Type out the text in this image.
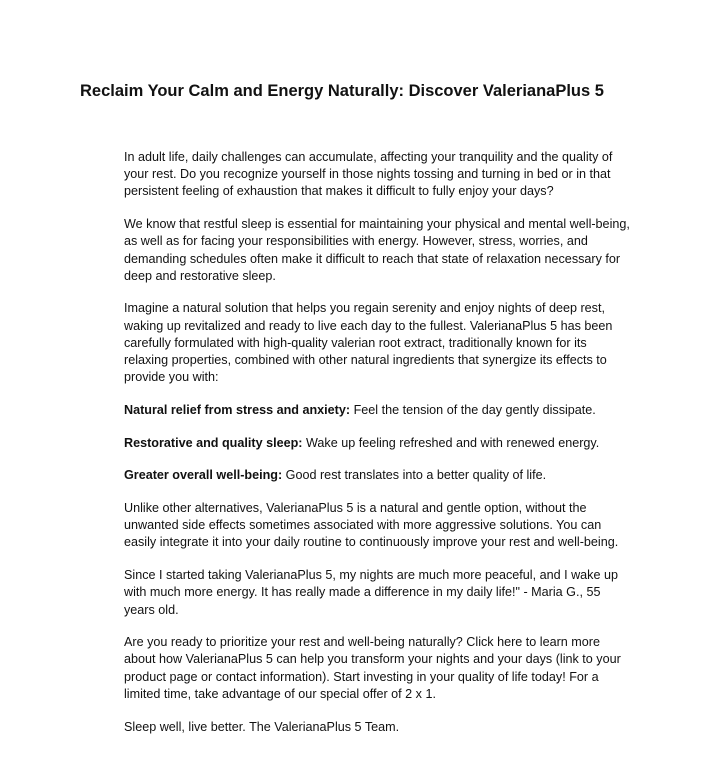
Reclaim Your Calm and Energy Naturally: Discover ValerianaPlus 5

In adult life, daily challenges can accumulate, affecting your tranquility and the quality of your rest. Do you recognize yourself in those nights tossing and turning in bed or in that persistent feeling of exhaustion that makes it difficult to fully enjoy your days?

We know that restful sleep is essential for maintaining your physical and mental well-being, as well as for facing your responsibilities with energy. However, stress, worries, and demanding schedules often make it difficult to reach that state of relaxation necessary for deep and restorative sleep.

Imagine a natural solution that helps you regain serenity and enjoy nights of deep rest, waking up revitalized and ready to live each day to the fullest. ValerianaPlus 5 has been carefully formulated with high-quality valerian root extract, traditionally known for its relaxing properties, combined with other natural ingredients that synergize its effects to provide you with:

Natural relief from stress and anxiety: Feel the tension of the day gently dissipate.

Restorative and quality sleep: Wake up feeling refreshed and with renewed energy.

Greater overall well-being: Good rest translates into a better quality of life.

Unlike other alternatives, ValerianaPlus 5 is a natural and gentle option, without the unwanted side effects sometimes associated with more aggressive solutions. You can easily integrate it into your daily routine to continuously improve your rest and well-being.

Since I started taking ValerianaPlus 5, my nights are much more peaceful, and I wake up with much more energy. It has really made a difference in my daily life!" - Maria G., 55 years old.

Are you ready to prioritize your rest and well-being naturally? Click here to learn more about how ValerianaPlus 5 can help you transform your nights and your days (link to your product page or contact information). Start investing in your quality of life today! For a limited time, take advantage of our special offer of 2 x 1.

Sleep well, live better. The ValerianaPlus 5 Team.
